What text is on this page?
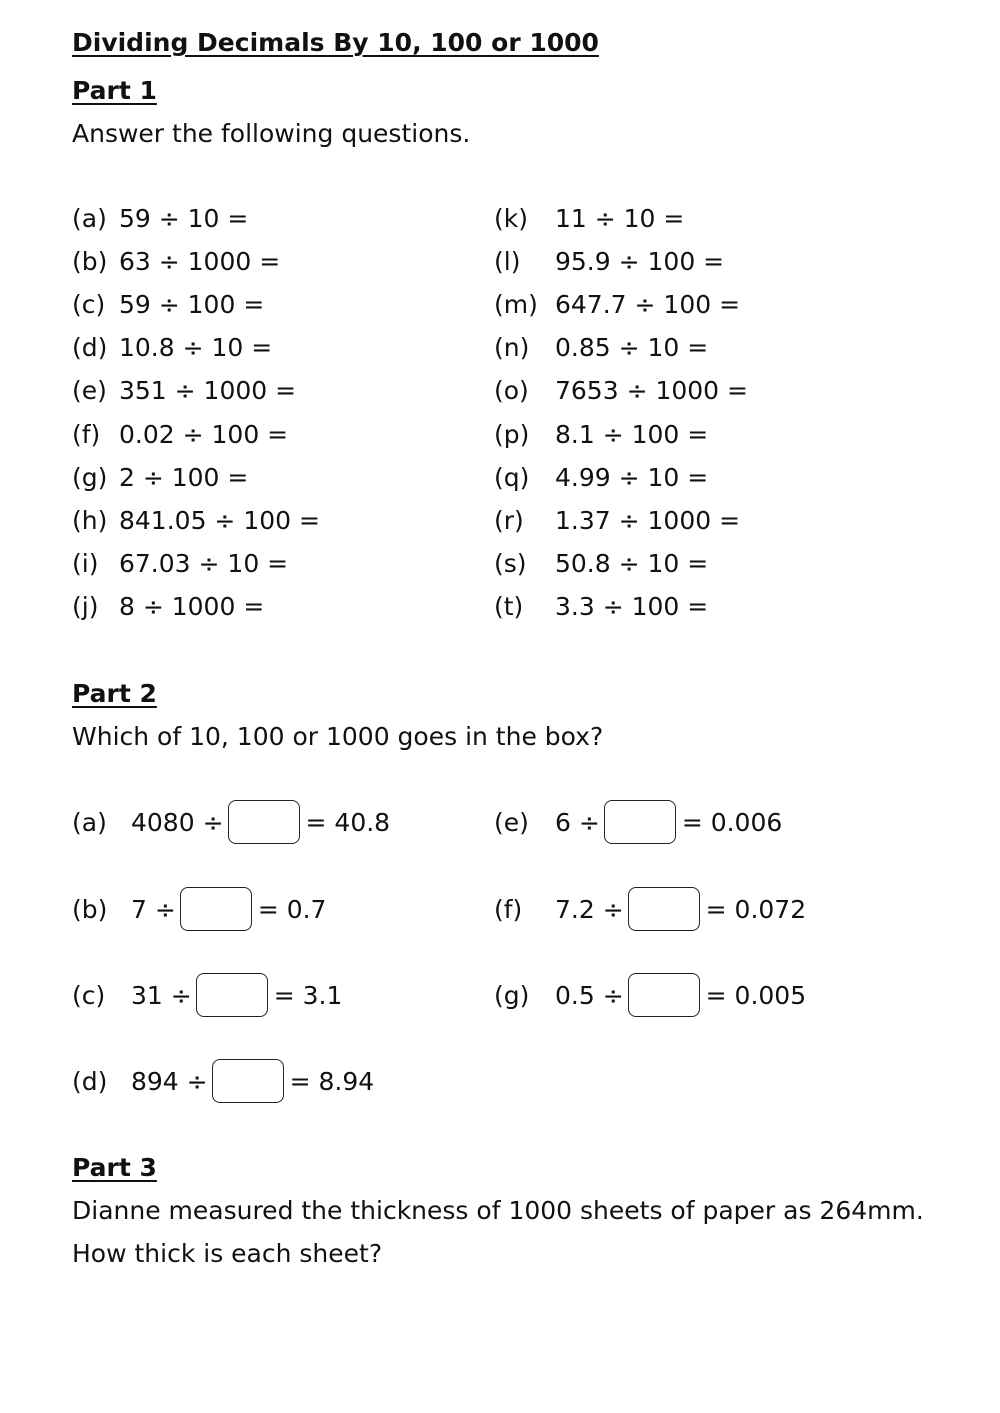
Dividing Decimals By 10, 100 or 1000
Part 1
Answer the following questions.
(a) 59 ÷ 10 =
(b) 63 ÷ 1000 =
(c) 59 ÷ 100 =
(d) 10.8 ÷ 10 =
(e) 351 ÷ 1000 =
(f) 0.02 ÷ 100 =
(g) 2 ÷ 100 =
(h) 841.05 ÷ 100 =
(i) 67.03 ÷ 10 =
(j) 8 ÷ 1000 =
(k) 11 ÷ 10 =
(l) 95.9 ÷ 100 =
(m) 647.7 ÷ 100 =
(n) 0.85 ÷ 10 =
(o) 7653 ÷ 1000 =
(p) 8.1 ÷ 100 =
(q) 4.99 ÷ 10 =
(r) 1.37 ÷ 1000 =
(s) 50.8 ÷ 10 =
(t) 3.3 ÷ 100 =
Part 2
Which of 10, 100 or 1000 goes in the box?
(a) 4080 ÷	= 40.8
(b) 7 ÷	= 0.7
(c)	31 ÷	= 3.1
(d) 894 ÷	= 8.94
(e)	6 ÷	= 0.006
(f)	7.2 ÷	= 0.072
(g)	0.5 ÷	= 0.005
Part 3
Dianne measured the thickness of 1000 sheets of paper as 264mm.
How thick is each sheet?
